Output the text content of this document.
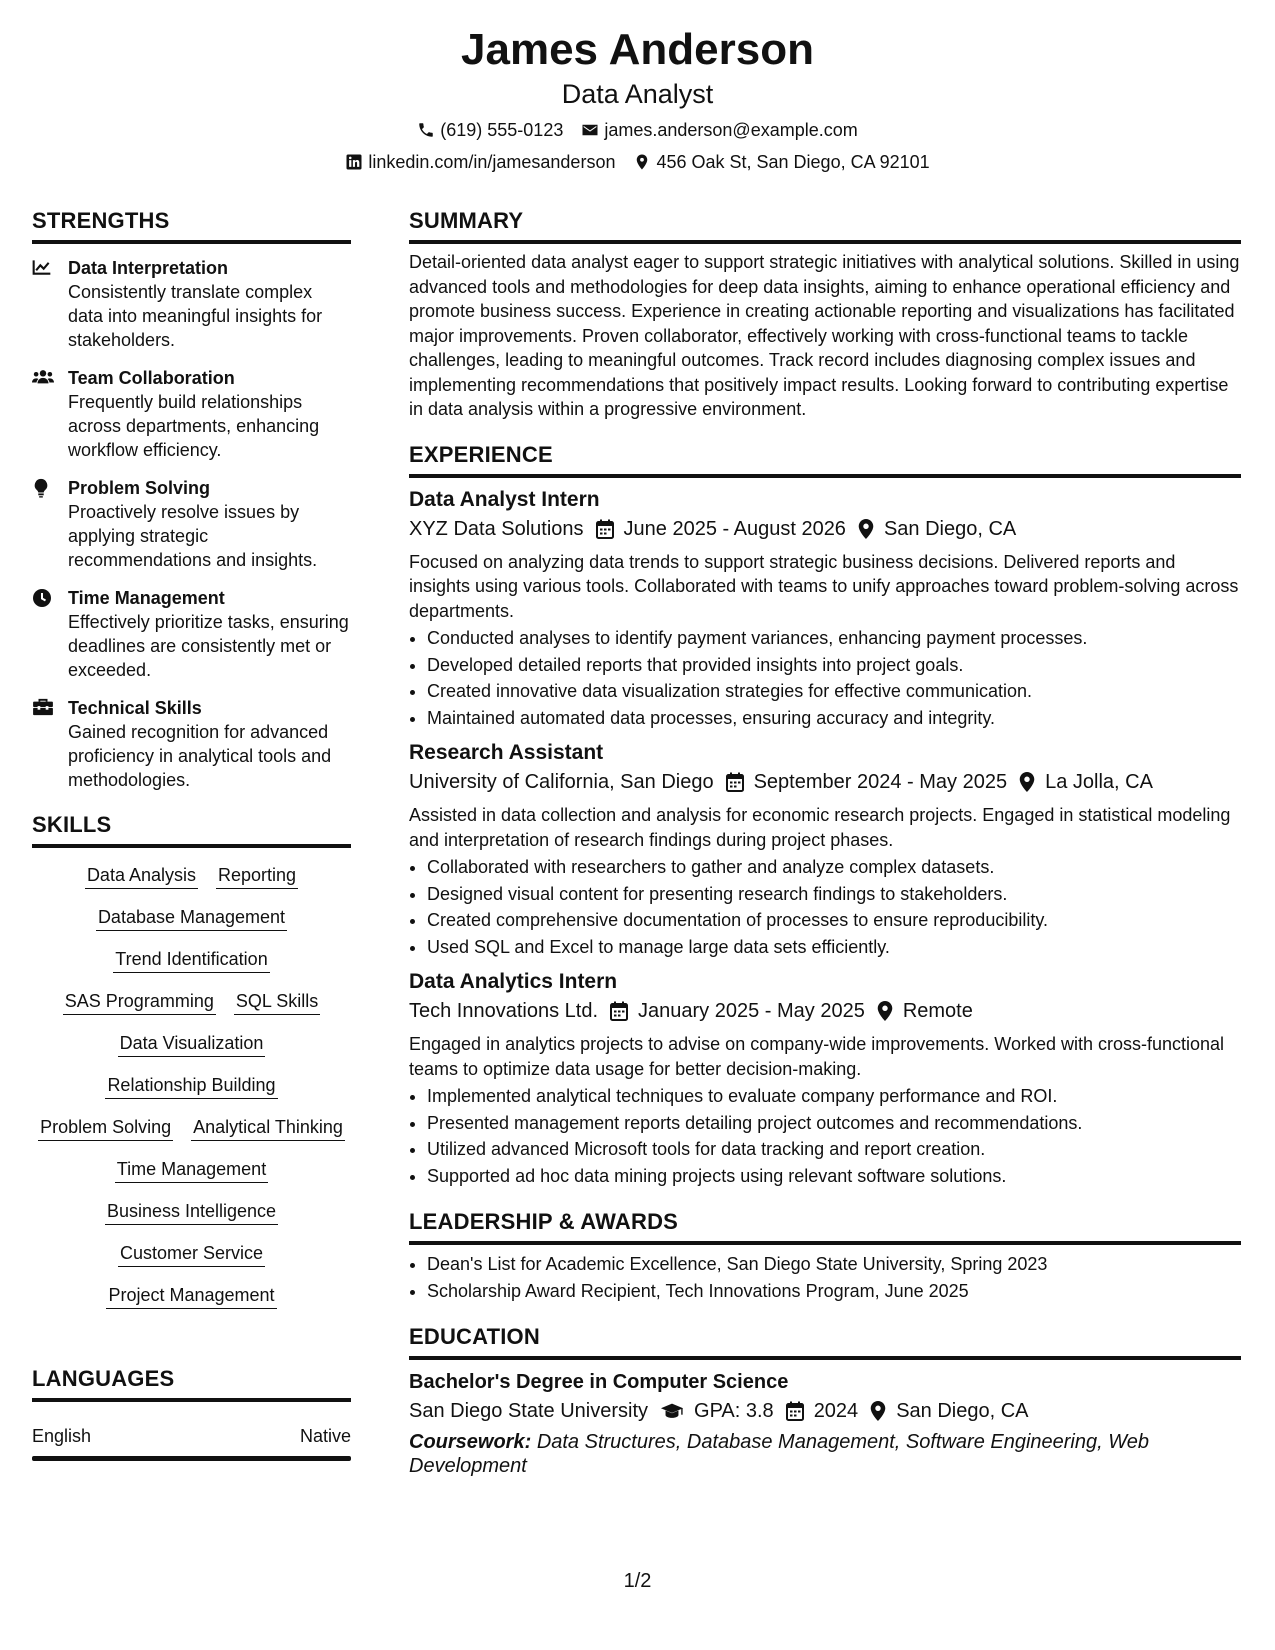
James Anderson
Data Analyst
(619) 555-0123 james.anderson@example.com
linkedin.com/in/jamesanderson 456 Oak St, San Diego, CA 92101
STRENGTHS
Data Interpretation
Consistently translate complex data into meaningful insights for stakeholders.
Team Collaboration
Frequently build relationships across departments, enhancing workflow efficiency.
Problem Solving
Proactively resolve issues by applying strategic recommendations and insights.
Time Management
Effectively prioritize tasks, ensuring deadlines are consistently met or exceeded.
Technical Skills
Gained recognition for advanced proficiency in analytical tools and methodologies.
SKILLS
Data Analysis Reporting
Database Management
Trend Identification
SAS Programming SQL Skills
Data Visualization
Relationship Building
Problem Solving Analytical Thinking
Time Management
Business Intelligence
Customer Service
Project Management
LANGUAGES
English	Native
SUMMARY

Detail-oriented data analyst eager to support strategic initiatives with analytical solutions. Skilled in using advanced tools and methodologies for deep data insights, aiming to enhance operational efficiency and promote business success. Experience in creating actionable reporting and visualizations has facilitated major improvements. Proven collaborator, effectively working with cross-functional teams to tackle challenges, leading to meaningful outcomes. Track record includes diagnosing complex issues and implementing recommendations that positively impact results. Looking forward to contributing expertise in data analysis within a progressive environment.

EXPERIENCE
Data Analyst Intern
XYZ Data Solutions June 2025 - August 2026 San Diego, CA

Focused on analyzing data trends to support strategic business decisions. Delivered reports and insights using various tools. Collaborated with teams to unify approaches toward problem-solving across departments.

• Conducted analyses to identify payment variances, enhancing payment processes.
• Developed detailed reports that provided insights into project goals.
• Created innovative data visualization strategies for effective communication.
• Maintained automated data processes, ensuring accuracy and integrity.
Research Assistant
University of California, San Diego September 2024 - May 2025 La Jolla, CA

Assisted in data collection and analysis for economic research projects. Engaged in statistical modeling and interpretation of research findings during project phases.

• Collaborated with researchers to gather and analyze complex datasets.
• Designed visual content for presenting research findings to stakeholders.
• Created comprehensive documentation of processes to ensure reproducibility.
• Used SQL and Excel to manage large data sets efficiently.
Data Analytics Intern
Tech Innovations Ltd. January 2025 - May 2025 Remote

Engaged in analytics projects to advise on company-wide improvements. Worked with cross-functional teams to optimize data usage for better decision-making.

• Implemented analytical techniques to evaluate company performance and ROI.
• Presented management reports detailing project outcomes and recommendations.
• Utilized advanced Microsoft tools for data tracking and report creation.
• Supported ad hoc data mining projects using relevant software solutions.
LEADERSHIP & AWARDS
• Dean's List for Academic Excellence, San Diego State University, Spring 2023
• Scholarship Award Recipient, Tech Innovations Program, June 2025
EDUCATION
Bachelor's Degree in Computer Science
San Diego State University GPA: 3.8 2024 San Diego, CA
Coursework: Data Structures, Database Management, Software Engineering, Web Development
1/2
